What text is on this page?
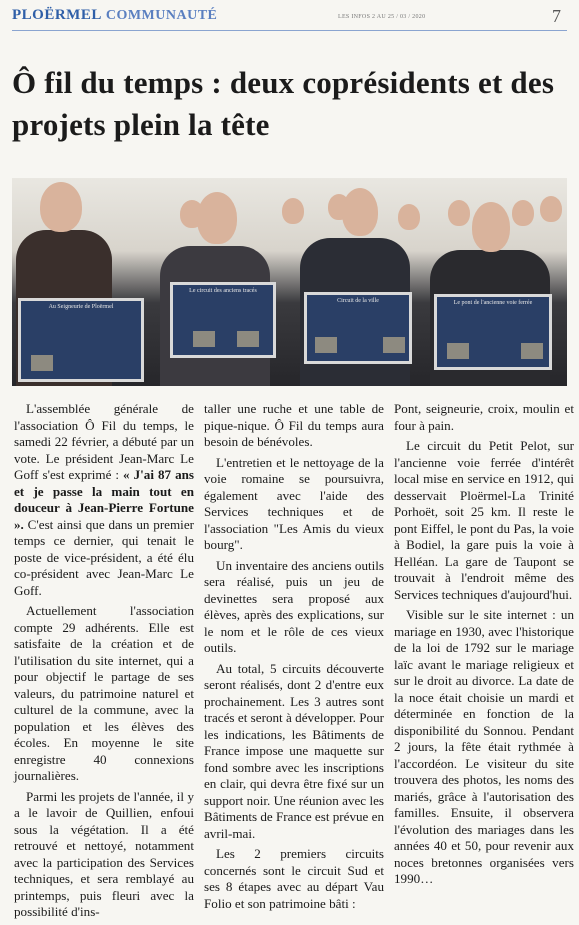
PLOËRMEL COMMUNAUTÉ	LES INFOS 2 AU 25 / 03 / 2020	7
Ô fil du temps : deux coprésidents et des projets plein la tête
Au Seigneurie de Ploërmel
Le circuit des anciens tracés
Circuit de la ville	Le pont de l'ancienne voie ferrée

L'assemblée générale de l'association Ô Fil du temps, le samedi 22 février, a débuté par un vote. Le président Jean-Marc Le Goff s'est exprimé : « J'ai 87 ans et je passe la main tout en douceur à Jean-Pierre Fortune ». C'est ainsi que dans un premier temps ce dernier, qui tenait le poste de vice-président, a été élu co-président avec Jean-Marc Le Goff.

Actuellement l'association compte 29 adhérents. Elle est satisfaite de la création et de l'utilisation du site internet, qui a pour objectif le partage de ses valeurs, du patrimoine naturel et culturel de la commune, avec la population et les élèves des écoles. En moyenne le site enregistre 40 connexions journalières.

Parmi les projets de l'année, il y a le lavoir de Quillien, enfoui sous la végétation. Il a été retrouvé et nettoyé, notamment avec la participation des Services techniques, et sera remblayé au printemps, puis fleuri avec la possibilité d'ins-

taller une ruche et une table de pique-nique. Ô Fil du temps aura besoin de bénévoles.

L'entretien et le nettoyage de la voie romaine se poursuivra, également avec l'aide des Services techniques et de l'association "Les Amis du vieux bourg".

Un inventaire des anciens outils sera réalisé, puis un jeu de devinettes sera proposé aux élèves, après des explications, sur le nom et le rôle de ces vieux outils.

Au total, 5 circuits découverte seront réalisés, dont 2 d'entre eux prochainement. Les 3 autres sont tracés et seront à développer. Pour les indications, les Bâtiments de France impose une maquette sur fond sombre avec les inscriptions en clair, qui devra être fixé sur un support noir. Une réunion avec les Bâtiments de France est prévue en avril-mai.

Les 2 premiers circuits concernés sont le circuit Sud et ses 8 étapes avec au départ Vau Folio et son patrimoine bâti :

Pont, seigneurie, croix, moulin et four à pain.

Le circuit du Petit Pelot, sur l'ancienne voie ferrée d'intérêt local mise en service en 1912, qui desservait Ploërmel-La Trinité Porhoët, soit 25 km. Il reste le pont Eiffel, le pont du Pas, la voie à Bodiel, la gare puis la voie à Helléan. La gare de Taupont se trouvait à l'endroit même des Services techniques d'aujourd'hui.

Visible sur le site internet : un mariage en 1930, avec l'historique de la loi de 1792 sur le mariage laïc avant le mariage religieux et sur le droit au divorce. La date de la noce était choisie un mardi et déterminée en fonction de la disponibilité du Sonnou. Pendant 2 jours, la fête était rythmée à l'accordéon. Le visiteur du site trouvera des photos, les noms des mariés, grâce à l'autorisation des familles. Ensuite, il observera l'évolution des mariages dans les années 40 et 50, pour revenir aux noces bretonnes organisées vers 1990…
